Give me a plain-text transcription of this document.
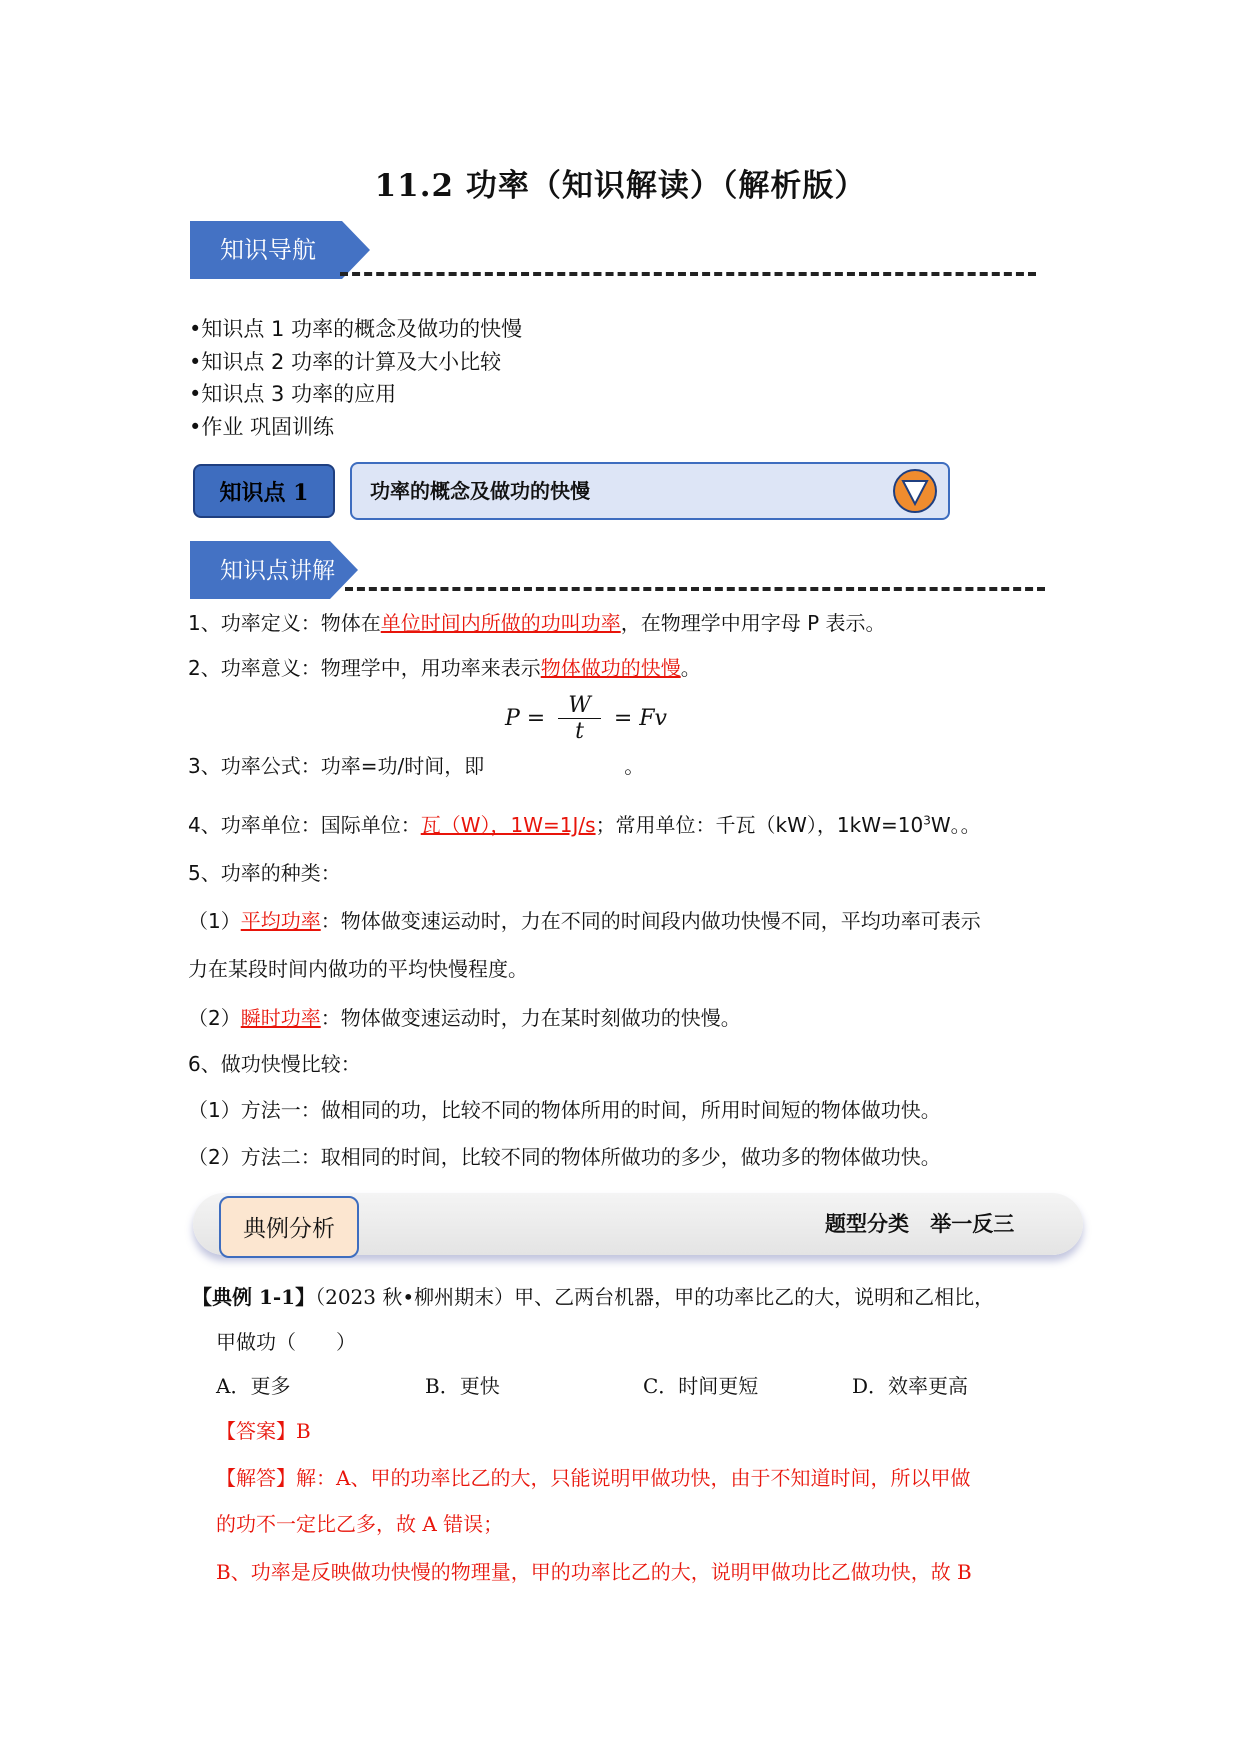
11.2 功率（知识解读）（解析版）
知识导航
•知识点 1 功率的概念及做功的快慢
•知识点 2 功率的计算及大小比较
•知识点 3 功率的应用
•作业 巩固训练
知识点 1	功率的概念及做功的快慢
知识点讲解
1、功率定义：物体在单位时间内所做的功叫功率，在物理学中用字母 P 表示。
2、功率意义：物理学中，用功率来表示物体做功的快慢。
$P = \frac{W}{t} = Fv$
3、功率公式：功率=功/时间，即	。
4、功率单位：国际单位：瓦（W），1W=1J/s；常用单位：千瓦（kW），$1kW=10^3W$。。
5、功率的种类：
（1）平均功率：物体做变速运动时，力在不同的时间段内做功快慢不同，平均功率可表示
力在某段时间内做功的平均快慢程度。
（2）瞬时功率：物体做变速运动时，力在某时刻做功的快慢。
6、做功快慢比较：
（1）方法一：做相同的功，比较不同的物体所用的时间，所用时间短的物体做功快。
（2）方法二：取相同的时间，比较不同的物体所做功的多少，做功多的物体做功快。
典例分析	题型分类 举一反三
【典例 1-1】（2023 秋•柳州期末）甲、乙两台机器，甲的功率比乙的大，说明和乙相比，
甲做功（　　）
A．更多	B．更快	C．时间更短	D．效率更高
【答案】B
【解答】解：A、甲的功率比乙的大，只能说明甲做功快，由于不知道时间，所以甲做
的功不一定比乙多，故 A 错误；
B、功率是反映做功快慢的物理量，甲的功率比乙的大，说明甲做功比乙做功快，故 B
